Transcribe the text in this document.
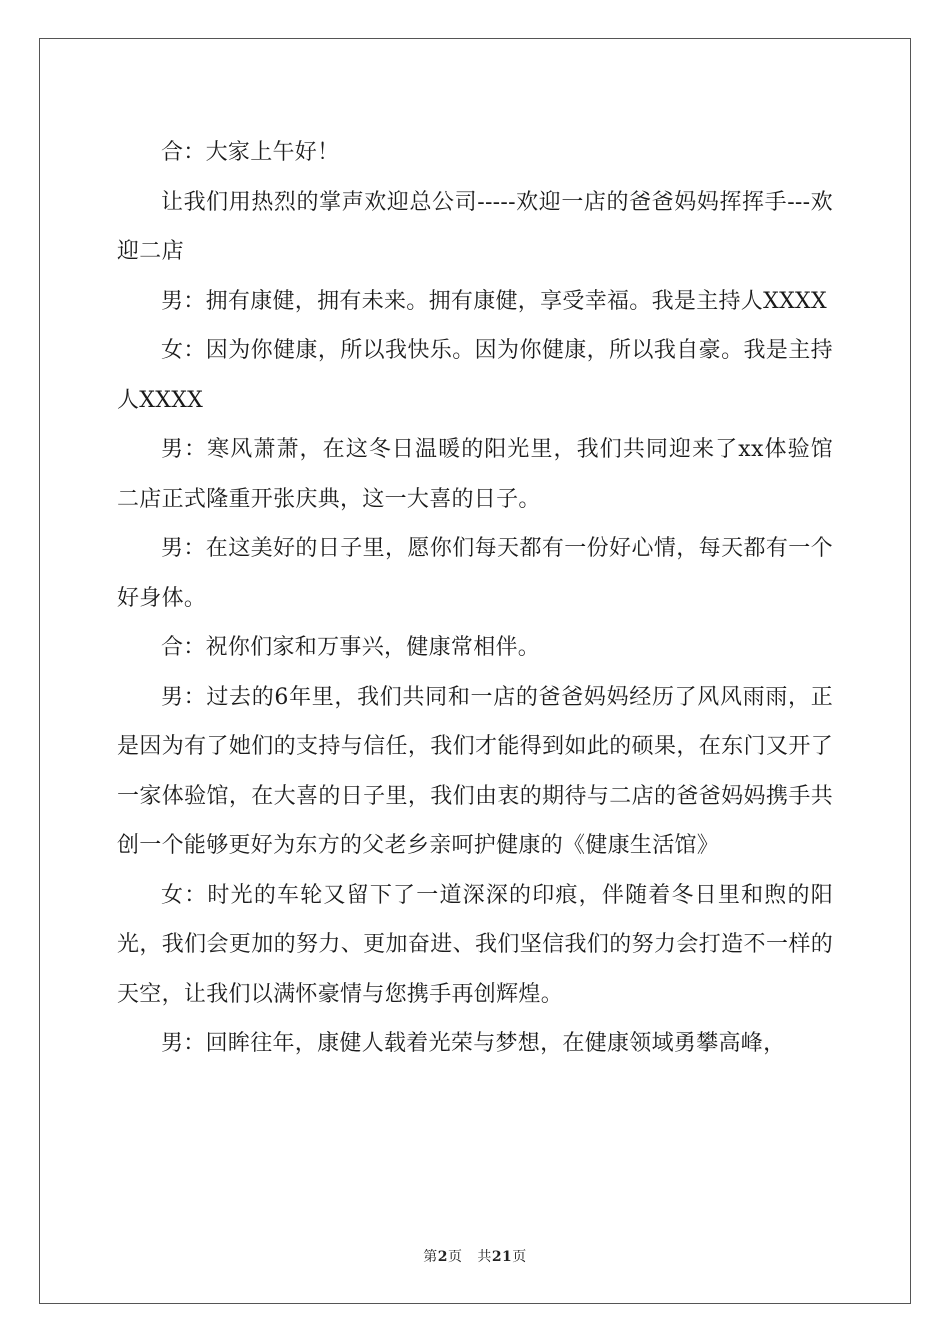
合：大家上午好！

让我们用热烈的掌声欢迎总公司-----欢迎一店的爸爸妈妈挥挥手---欢迎二店

男：拥有康健，拥有未来。拥有康健，享受幸福。我是主持人XXXX

女：因为你健康，所以我快乐。因为你健康，所以我自豪。我是主持人XXXX

男：寒风萧萧，在这冬日温暖的阳光里，我们共同迎来了xx体验馆二店正式隆重开张庆典，这一大喜的日子。

男：在这美好的日子里，愿你们每天都有一份好心情，每天都有一个好身体。

合：祝你们家和万事兴，健康常相伴。

男：过去的6年里，我们共同和一店的爸爸妈妈经历了风风雨雨，正是因为有了她们的支持与信任，我们才能得到如此的硕果，在东门又开了一家体验馆，在大喜的日子里，我们由衷的期待与二店的爸爸妈妈携手共创一个能够更好为东方的父老乡亲呵护健康的《健康生活馆》

女：时光的车轮又留下了一道深深的印痕，伴随着冬日里和煦的阳光，我们会更加的努力、更加奋进、我们坚信我们的努力会打造不一样的天空，让我们以满怀豪情与您携手再创辉煌。

男：回眸往年，康健人载着光荣与梦想，在健康领域勇攀高峰，

第2页 共21页
